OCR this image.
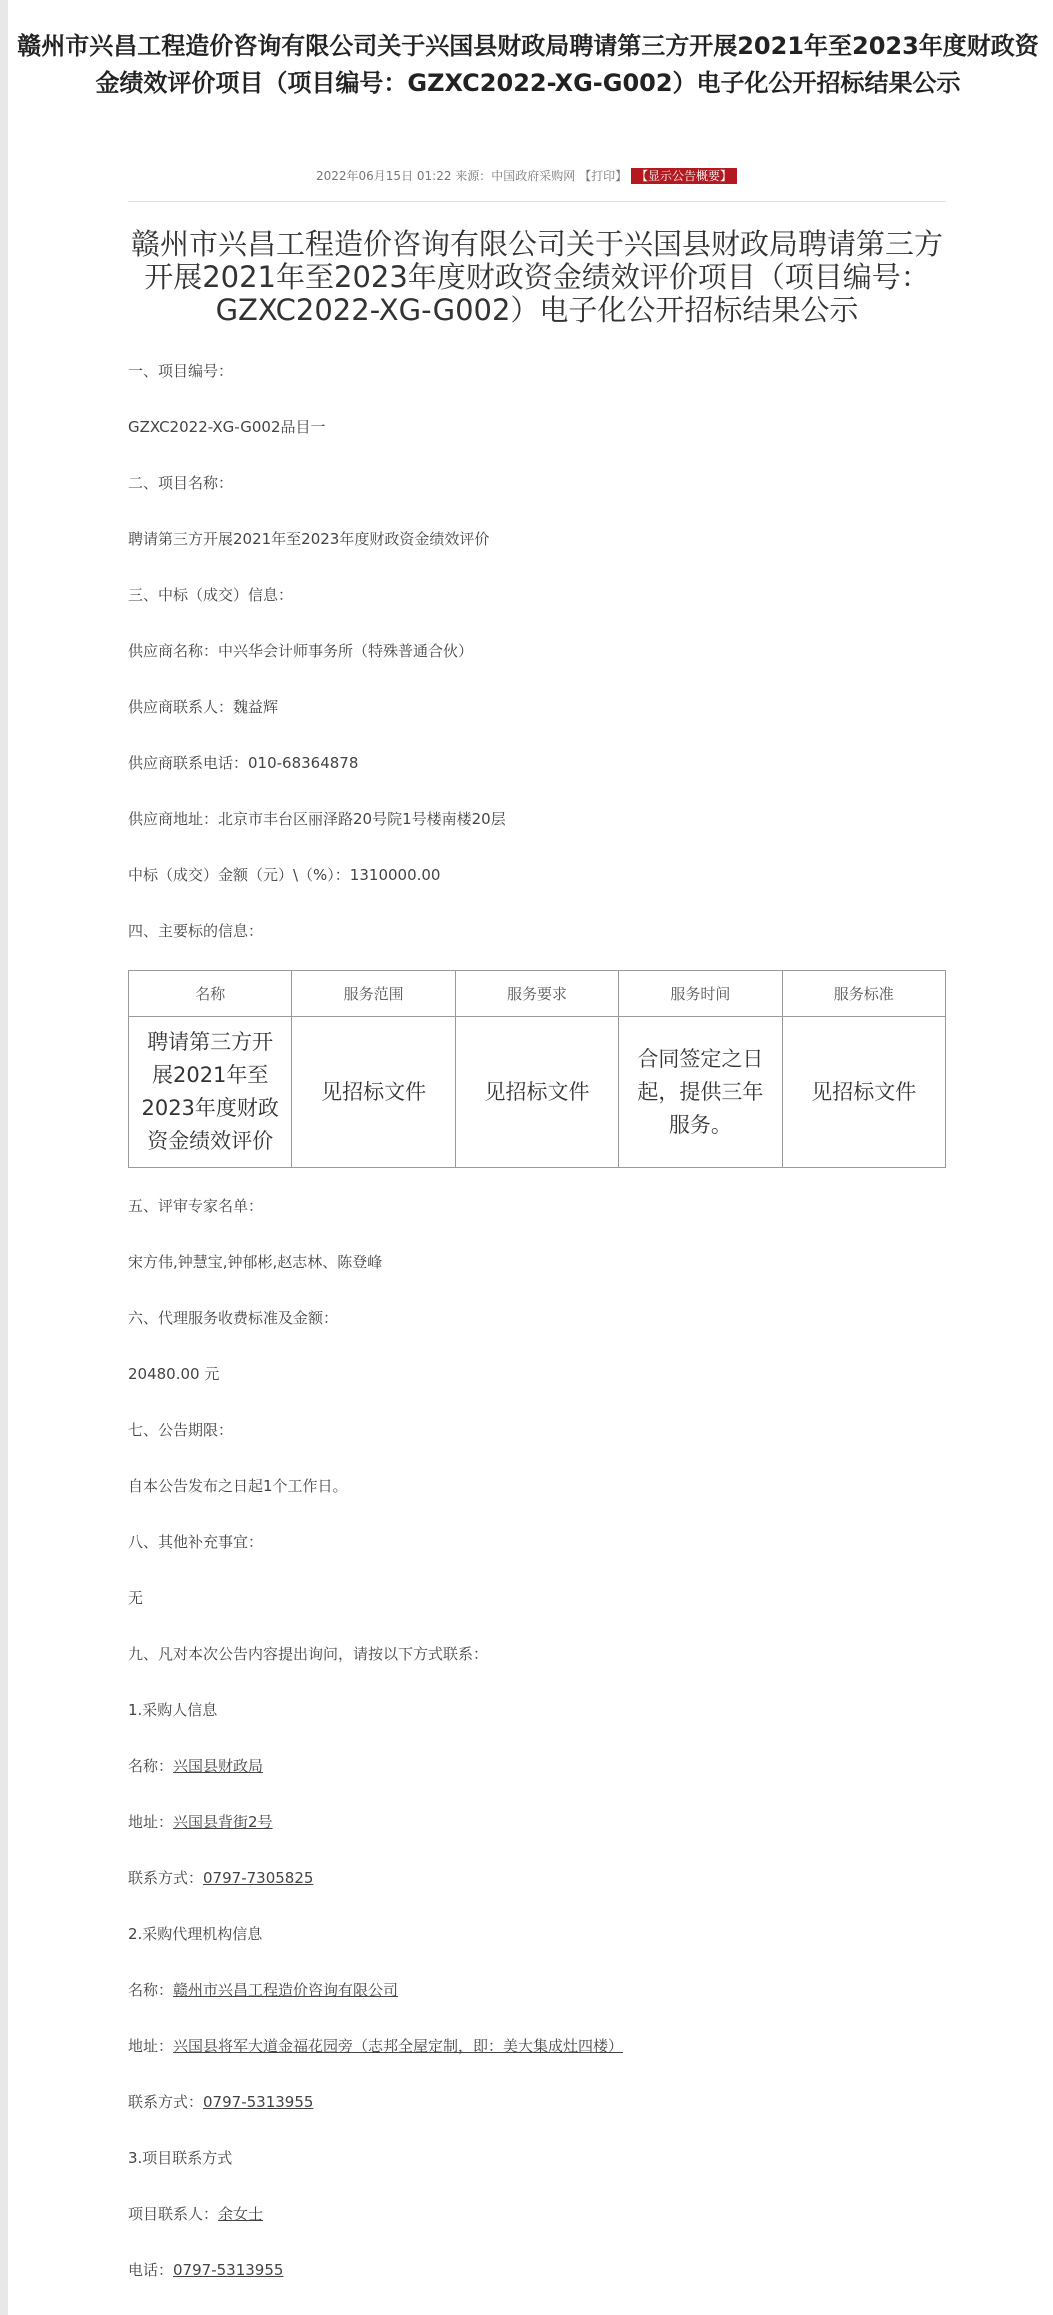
赣州市兴昌工程造价咨询有限公司关于兴国县财政局聘请第三方开展2021年至2023年度财政资金绩效评价项目（项目编号：GZXC2022-XG-G002）电子化公开招标结果公示
2022年06月15日 01:22 来源：中国政府采购网 【打印】 【显示公告概要】
赣州市兴昌工程造价咨询有限公司关于兴国县财政局聘请第三方开展2021年至2023年度财政资金绩效评价项目（项目编号：GZXC2022-XG-G002）电子化公开招标结果公示

一、项目编号：

GZXC2022-XG-G002品目一

二、项目名称：

聘请第三方开展2021年至2023年度财政资金绩效评价

三、中标（成交）信息：

供应商名称：中兴华会计师事务所（特殊普通合伙）

供应商联系人：魏益辉

供应商联系电话：010-68364878

供应商地址：北京市丰台区丽泽路20号院1号楼南楼20层

中标（成交）金额（元）\（%）：1310000.00

四、主要标的信息：

名称	服务范围	服务要求	服务时间	服务标准
聘请第三方开展2021年至2023年度财政资金绩效评价	见招标文件	见招标文件	合同签定之日起，提供三年服务。	见招标文件

五、评审专家名单：

宋方伟,钟慧宝,钟郁彬,赵志林、陈登峰

六、代理服务收费标准及金额：

20480.00 元

七、公告期限：

自本公告发布之日起1个工作日。

八、其他补充事宜：

无

九、凡对本次公告内容提出询问，请按以下方式联系：

1.采购人信息

名称：兴国县财政局

地址：兴国县背街2号

联系方式：0797-7305825

2.采购代理机构信息

名称：赣州市兴昌工程造价咨询有限公司

地址：兴国县将军大道金福花园旁（志邦全屋定制，即：美大集成灶四楼）

联系方式：0797-5313955

3.项目联系方式

项目联系人：余女士

电话：0797-5313955
